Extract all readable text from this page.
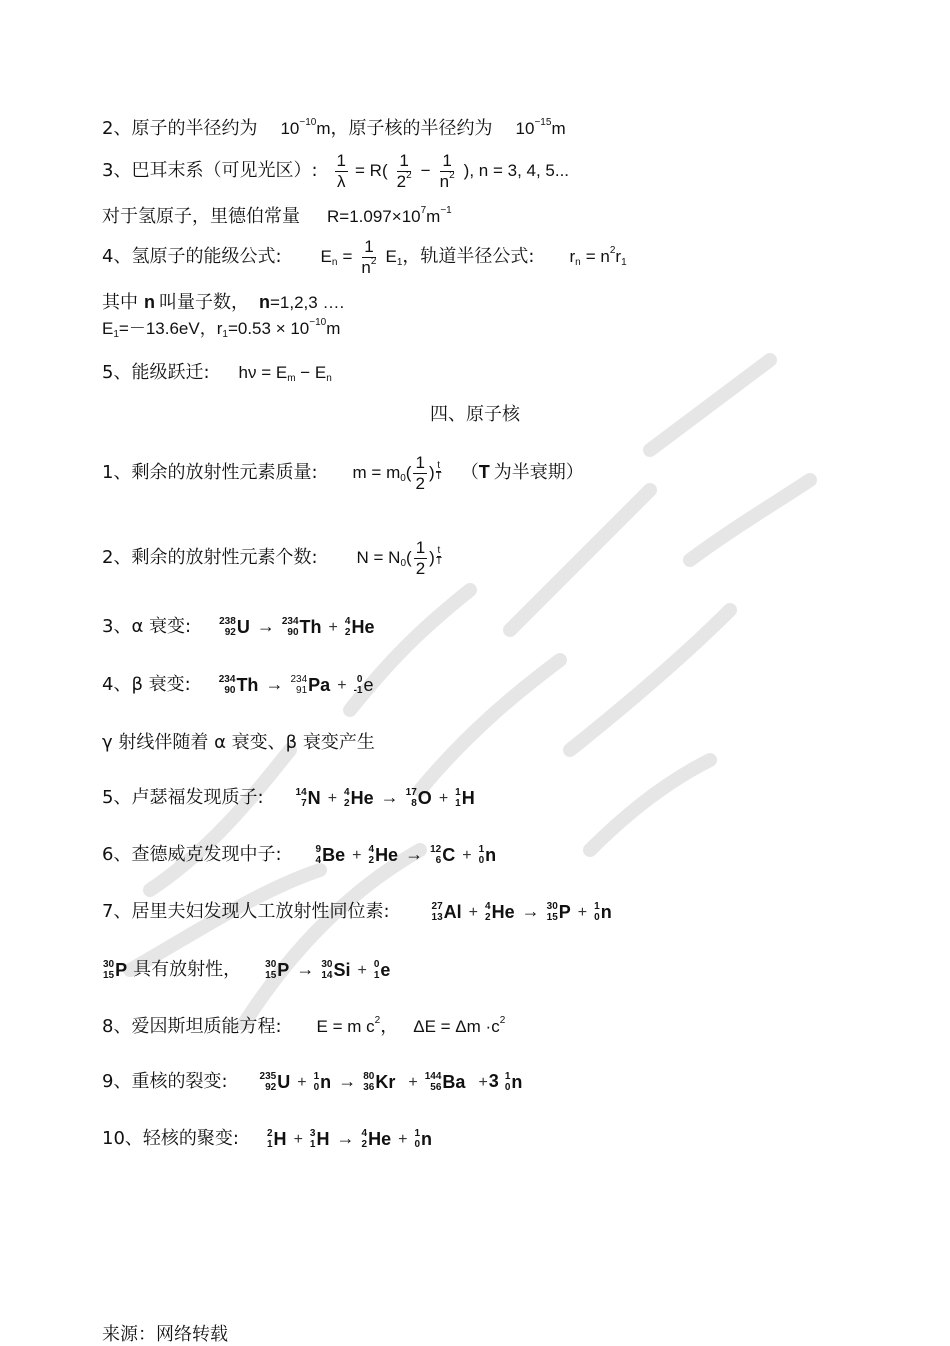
2、原子的半径约为 $10^{-10}m$，原子核的半径约为 $10^{-15}m$
3、巴耳末系（可见光区）: $\frac{1}{\lambda} = R( \frac{1}{2^2} - \frac{1}{n^2}$ ), n = 3, 4, 5...
对于氢原子，里德伯常量 $R=1.097\times 10^7m^{-1}$
4、氢原子的能级公式: $E_n = \frac{1}{n^2} E_1$，轨道半径公式: $r_n = n^2r_1$
其中 n 叫量子数， n=1,2,3 ….
$E_1=-13.6eV$，$r_1=0.53 \times 10^{-10}m$
5、能级跃迁: $h\nu = E_m - E_n$
四、原子核
1、剩余的放射性元素质量: $m = m_0( \frac{1}{2}$ ) $\frac{t}{T} (T$ 为半衰期）
2、剩余的放射性元素个数: $N = N_0( \frac{1}{2}$ ) $\frac{t}{T}$
3、α 衰变:	238
92 U → 234
90 Th + 4
2 He
4、β 衰变:	234
90 Th → 234
91 Pa + 0
-1 e
γ 射线伴随着 α 衰变、β 衰变产生
5、卢瑟福发现质子:	14
7 N + 4
2 He → 17
8 O + 1
1 H
6、查德威克发现中子:	9
4 Be + 4
2 He → 12
6 C + 1
0 n
7、居里夫妇发现人工放射性同位素:	27
13 Al + 4
2 He → 30
15 P + 1
0 n
30
15 P 具有放射性， 30
15 P → 30
14 Si + 0
1 e
8、爱因斯坦质能方程: E = m $c^2$， $\Delta E = \Delta m \cdot c^2$
9、重核的裂变:	235
92 U + 1
0 n → 80
36 Kr + 144
56 Ba +3 1
0 n
10、轻核的聚变:	2
1 H + 3
1 H → 4
2 He + 1
0 n
来源：网络转载
